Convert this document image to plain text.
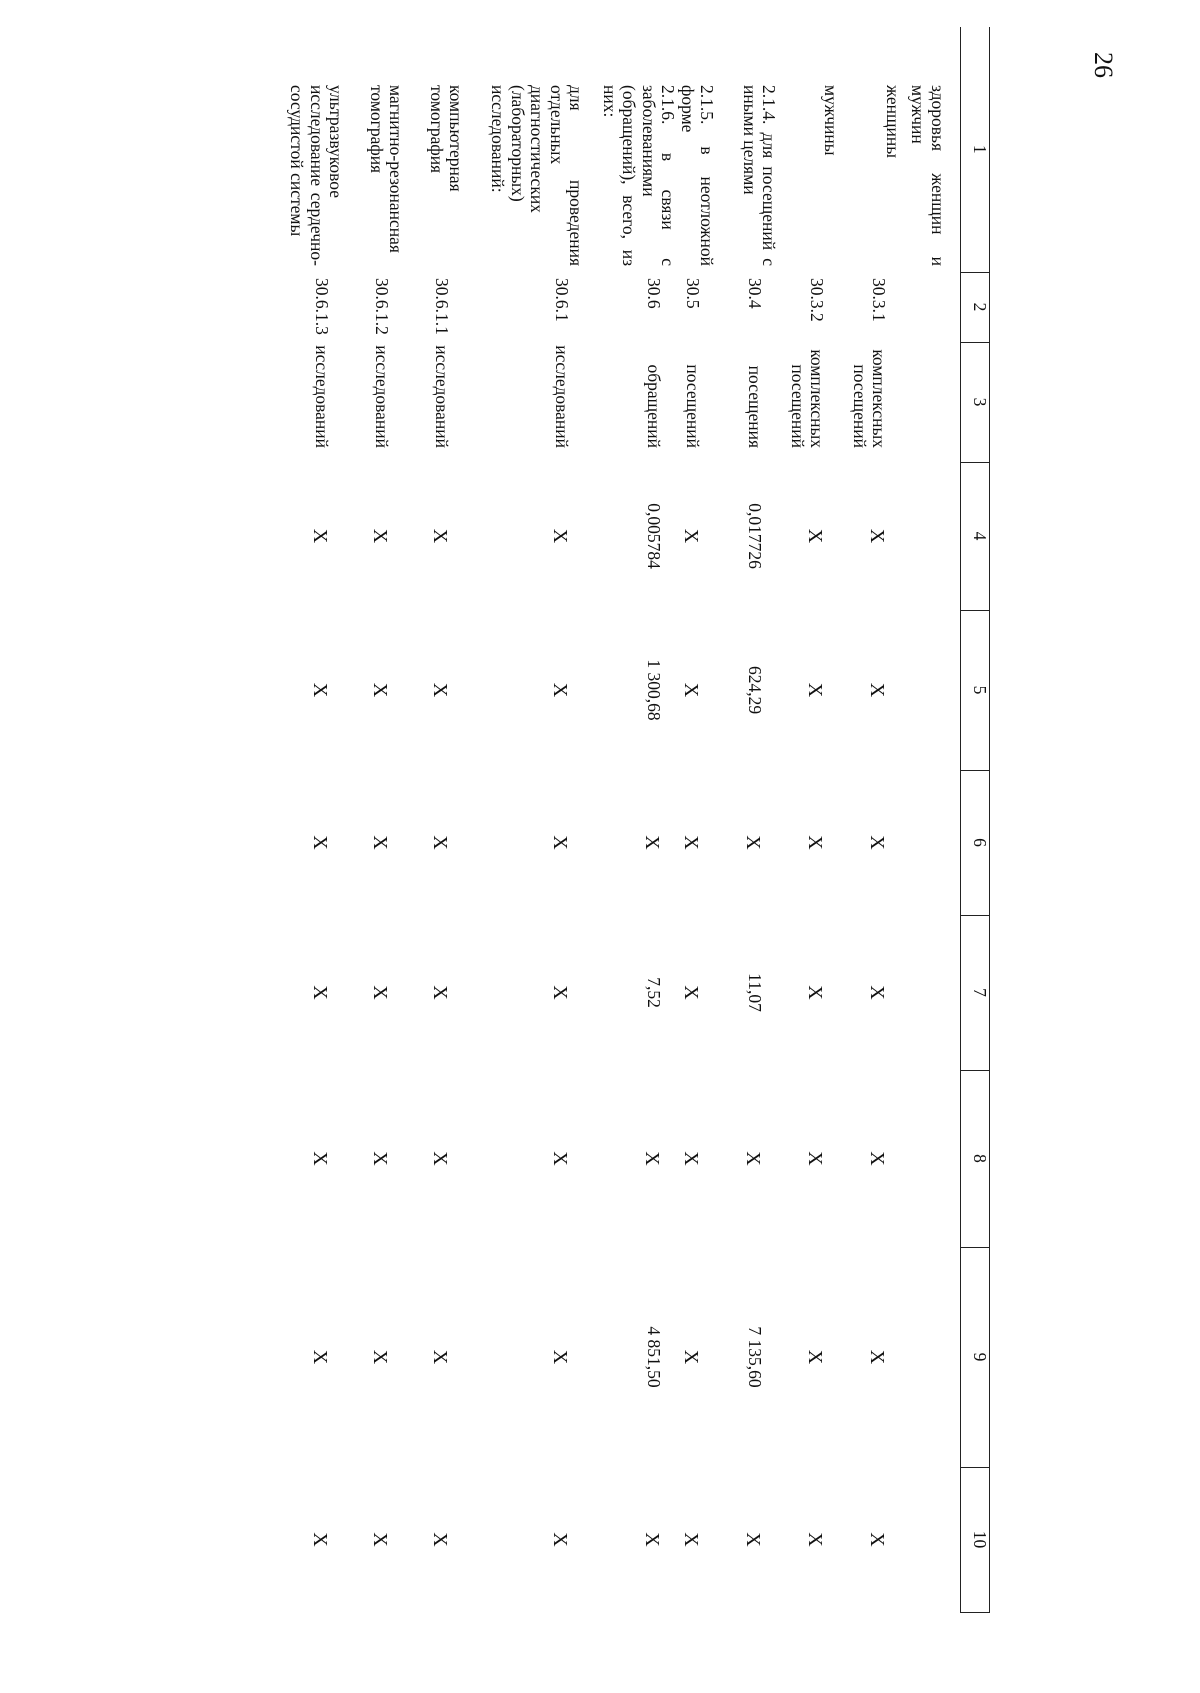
26
1	2	3	4	5	6	7	8	9	10
здоровья женщин и мужчин									
женщины	30.3.1	комплексных посещений	X	X	X	X	X	X	X
мужчины	30.3.2	комплексных посещений	X	X	X	X	X	X	X
2.1.4. для посещений с иными целями	30.4	посещения	0,017726	624,29	X	11,07	X	7 135,60	X
2.1.5. в неотложной форме	30.5	посещений	X	X	X	X	X	X	X
2.1.6. в связи с заболеваниями (обращений), всего, из них:	30.6	обращений	0,005784	1 300,68	X	7,52	X	4 851,50	X
для проведения отдельных диагностических (лабораторных) исследований:	30.6.1	исследований	X	X	X	X	X	X	X
компьютерная томография	30.6.1.1	исследований	X	X	X	X	X	X	X
магнитно-резонансная томография	30.6.1.2	исследований	X	X	X	X	X	X	X
ультразвуковое исследование сердечно-сосудистой системы	30.6.1.3	исследований	X	X	X	X	X	X	X
